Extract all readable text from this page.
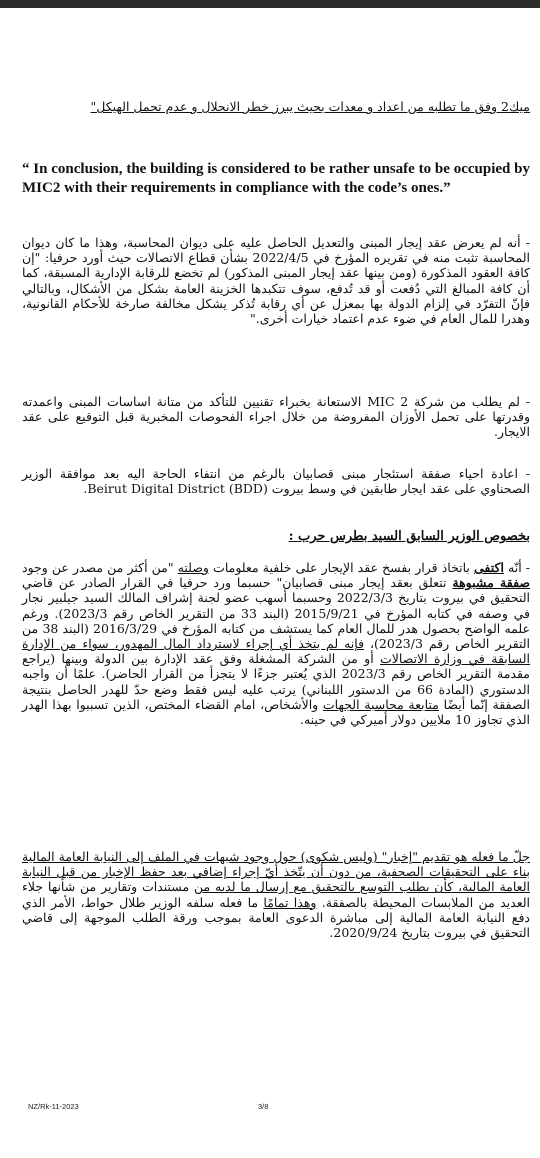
ميك2 وفق ما تطلبه من اعداد و معدات بحيث يبرز خطر الانحلال و عدم تحمل الهيكل"

“ In conclusion, the building is considered to be rather unsafe to be occupied by MIC2 with their requirements in compliance with the code’s ones.”

- أنه لم يعرض عقد إيجار المبنى والتعديل الحاصل عليه على ديوان المحاسبة، وهذا ما كان ديوان المحاسبة تثبت منه في تقريره المؤرخ في 2022/4/5 بشأن قطاع الاتصالات حيث أورد حرفيا: "إن كافة العقود المذكورة (ومن بينها عقد إيجار المبنى المذكور) لم تخضع للرقابة الإدارية المسبقة، كما أن كافة المبالغ التي دُفعت أو قد تُدفع، سوف تتكبدها الخزينة العامة بشكل من الأشكال، وبالتالي فإنّ التفرّد في إلزام الدولة بها بمعزل عن أي رقابة تُذكر يشكل مخالفة صارخة للأحكام القانونية، وهدرا للمال العام في ضوء عدم اعتماد خيارات أخرى."

- لم يطلب من شركة MIC 2 الاستعانة بخبراء تقنيين للتأكد من متانة اساسات المبنى واعمدته وقدرتها على تحمل الأوزان المفروضة من خلال اجراء الفحوصات المخبرية قبل التوقيع على عقد الايجار.

- اعادة احياء صفقة استئجار مبنى قصابيان بالرغم من انتفاء الحاجة اليه بعد موافقة الوزير الصحناوي على عقد ايجار طابقين في وسط بيروت Beirut Digital District (BDD).

بخصوص الوزير السابق السيد بطرس حرب :

- أنّه اكتفى باتخاذ قرار بفسخ عقد الإيجار على خلفية معلومات وصلته "من أكثر من مصدر عن وجود صفقة مشبوهة تتعلق بعقد إيجار مبنى قصابيان" حسبما ورد حرفيا في القرار الصادر عن قاضي التحقيق في بيروت بتاريخ 2022/3/3 وحسبما أسهب عضو لجنة إشراف المالك السيد جيلبير نجار في وصفه في كتابه المؤرخ في 2015/9/21 (البند 33 من التقرير الخاص رقم 2023/3). ورغم علمه الواضح بحصول هدر للمال العام كما يستشف من كتابه المؤرخ في 2016/3/29 (البند 38 من التقرير الخاص رقم 2023/3)، فإنه لم يتخذ أي إجراء لاسترداد المال المهدور، سواء من الإدارة السابقة في وزارة الاتصالات أو من الشركة المشغلة وفق عقد الإدارة بين الدولة وبينها (يراجع مقدمة التقرير الخاص رقم 2023/3 الذي يُعتبر جزءًا لا يتجزأ من القرار الحاضر). علمًا أن واجبه الدستوري (المادة 66 من الدستور اللبناني) يرتب عليه ليس فقط وضع حدّ للهدر الحاصل بنتيجة الصفقة إنّما أيضًا متابعة محاسبة الجهات والأشخاص، امام القضاء المختص، الذين تسببوا بهذا الهدر الذي تجاوز 10 ملايين دولار أميركي في حينه.

جلّ ما فعله هو تقديم "إخبار" (وليس شكوى) حول وجود شبهات في الملف إلى النيابة العامة المالية بناء على التحقيقات الصحفية، من دون أن يتّخذ أيّ إجراء إضافي بعد حفظ الإخبار من قبل النيابة العامة المالية، كأن يطلب التوسع بالتحقيق مع إرسال ما لديه من مستندات وتقارير من شأنها جلاء العديد من الملابسات المحيطة بالصفقة. وهذا تمامًا ما فعله سلفه الوزير طلال حواط، الأمر الذي دفع النيابة العامة المالية إلى مباشرة الدعوى العامة بموجب ورقة الطلب الموجهة إلى قاضي التحقيق في بيروت بتاريخ 2020/9/24.

NZ/Rk-11-2023	3/8
